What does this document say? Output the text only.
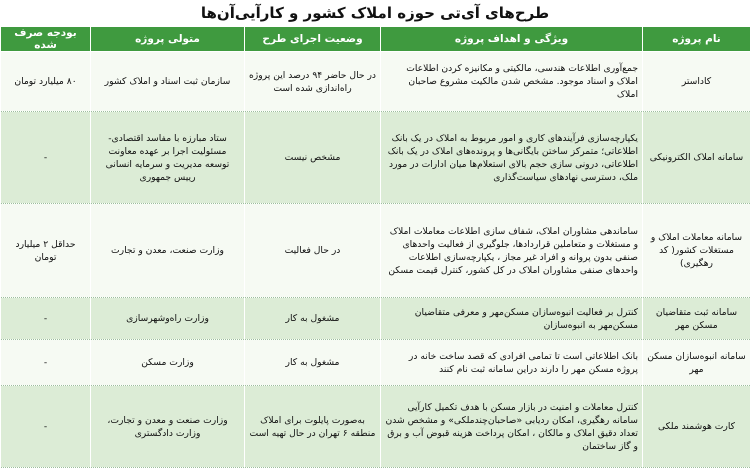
طرح‌های آی‌تی حوزه املاک کشور و کارآیی‌آن‌ها
نام پروژه	ویژگی و اهداف پروژه	وضعیت اجرای طرح	متولی پروژه	بودجه صرف شده
کاداستر	جمع‌آوری اطلاعات هندسی، مالکیتی و مکانیزه کردن اطلاعات املاک و اسناد موجود. مشخص شدن مالکیت مشروع صاحبان املاک	در حال حاضر ۹۴ درصد این پروژه راه‌اندازی شده است	سازمان ثبت اسناد و املاک کشور	۸۰ میلیارد تومان
سامانه املاک الکترونیکی	یکپارچه‌سازی فرآیندهای کاری و امور مربوط به املاک در یک بانک اطلاعاتی؛ متمرکز ساختن بایگانی‌ها و پرونده‌های املاک در یک بانک اطلاعاتی، درونی سازی حجم بالای استعلام‌ها میان ادارات در مورد ملک، دسترسی نهادهای سیاست‌گذاری	مشخص نیست	ستاد مبارزه با مفاسد اقتصادی- مسئولیت اجرا بر عهده معاونت توسعه مدیریت و سرمایه انسانی رییس جمهوری	-
سامانه معاملات املاک و مستغلات کشور( کد رهگیری)	ساماندهی مشاوران املاک، شفاف سازی اطلاعات معاملات املاک و مستغلات و متعاملین قراردادها، جلوگیری از فعالیت واحدهای صنفی بدون پروانه و افراد غیر مجاز ، یکپارچه‌سازی اطلاعات واحدهای صنفی مشاوران املاک در کل کشور، کنترل قیمت مسکن	در حال فعالیت	وزارت صنعت، معدن و تجارت	حداقل ۲ میلیارد تومان
سامانه ثبت متقاضیان مسکن مهر	کنترل بر فعالیت انبوه‌سازان مسکن‌مهر و معرفی متقاضیان مسکن‌مهر به انبوه‌سازان	مشغول به کار	وزارت راه‌وشهرسازی	-
سامانه انبوه‌سازان مسکن مهر	بانک اطلاعاتی است تا تمامی افرادی که قصد ساخت خانه در پروژه مسکن مهر را دارند دراین سامانه ثبت نام کنند	مشغول به کار	وزارت مسکن	-
کارت هوشمند ملکی	کنترل معاملات و امنیت در بازار مسکن با هدف تکمیل کارآیی سامانه رهگیری، امکان ردیابی «صاحبان‌چندملکی» و مشخص شدن تعداد دقیق املاک و مالکان ، امکان پرداخت هزینه قبوض آب و برق و گاز ساختمان	به‌صورت پایلوت برای املاک منطقه ۶ تهران در حال تهیه است	وزارت صنعت و معدن و تجارت، وزارت دادگستری	-
